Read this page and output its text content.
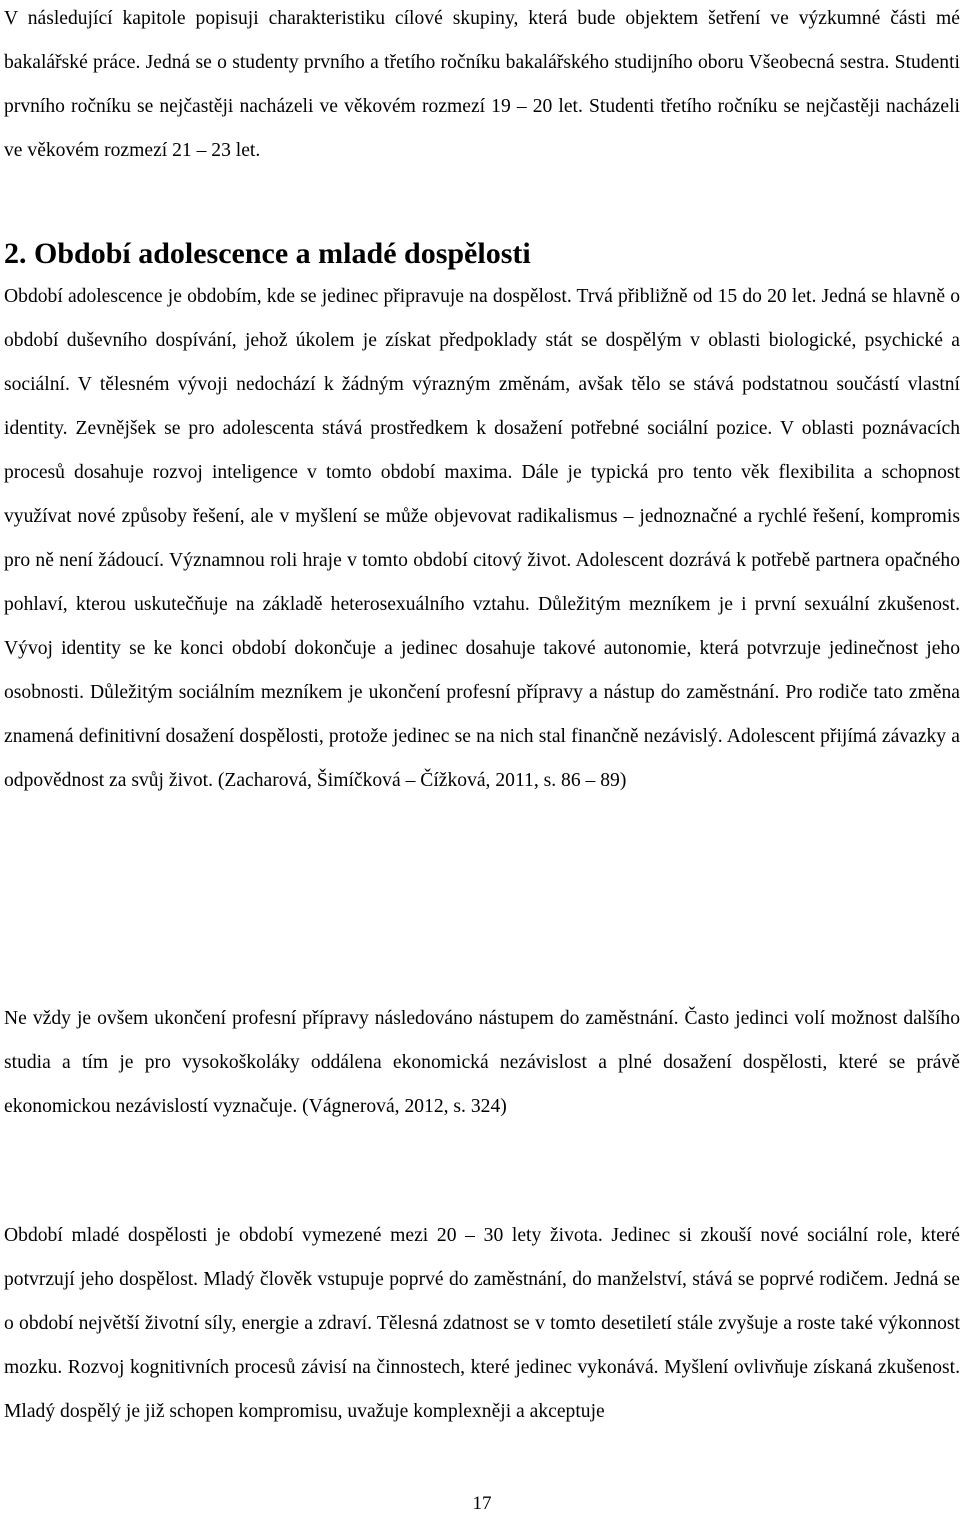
V následující kapitole popisuji charakteristiku cílové skupiny, která bude objektem šetření ve výzkumné části mé bakalářské práce. Jedná se o studenty prvního a třetího ročníku bakalářského studijního oboru Všeobecná sestra. Studenti prvního ročníku se nejčastěji nacházeli ve věkovém rozmezí 19 – 20 let. Studenti třetího ročníku se nejčastěji nacházeli ve věkovém rozmezí 21 – 23 let.

2. Období adolescence a mladé dospělosti

Období adolescence je obdobím, kde se jedinec připravuje na dospělost. Trvá přibližně od 15 do 20 let. Jedná se hlavně o období duševního dospívání, jehož úkolem je získat předpoklady stát se dospělým v oblasti biologické, psychické a sociální. V tělesném vývoji nedochází k žádným výrazným změnám, avšak tělo se stává podstatnou součástí vlastní identity. Zevnějšek se pro adolescenta stává prostředkem k dosažení potřebné sociální pozice. V oblasti poznávacích procesů dosahuje rozvoj inteligence v tomto období maxima. Dále je typická pro tento věk flexibilita a schopnost využívat nové způsoby řešení, ale v myšlení se může objevovat radikalismus – jednoznačné a rychlé řešení, kompromis pro ně není žádoucí. Významnou roli hraje v tomto období citový život. Adolescent dozrává k potřebě partnera opačného pohlaví, kterou uskutečňuje na základě heterosexuálního vztahu. Důležitým mezníkem je i první sexuální zkušenost. Vývoj identity se ke konci období dokončuje a jedinec dosahuje takové autonomie, která potvrzuje jedinečnost jeho osobnosti. Důležitým sociálním mezníkem je ukončení profesní přípravy a nástup do zaměstnání. Pro rodiče tato změna znamená definitivní dosažení dospělosti, protože jedinec se na nich stal finančně nezávislý. Adolescent přijímá závazky a odpovědnost za svůj život. (Zacharová, Šimíčková – Čížková, 2011, s. 86 – 89)

Ne vždy je ovšem ukončení profesní přípravy následováno nástupem do zaměstnání. Často jedinci volí možnost dalšího studia a tím je pro vysokoškoláky oddálena ekonomická nezávislost a plné dosažení dospělosti, které se právě ekonomickou nezávislostí vyznačuje. (Vágnerová, 2012, s. 324)

Období mladé dospělosti je období vymezené mezi 20 – 30 lety života. Jedinec si zkouší nové sociální role, které potvrzují jeho dospělost. Mladý člověk vstupuje poprvé do zaměstnání, do manželství, stává se poprvé rodičem. Jedná se o období největší životní síly, energie a zdraví. Tělesná zdatnost se v tomto desetiletí stále zvyšuje a roste také výkonnost mozku. Rozvoj kognitivních procesů závisí na činnostech, které jedinec vykonává. Myšlení ovlivňuje získaná zkušenost. Mladý dospělý je již schopen kompromisu, uvažuje komplexněji a akceptuje

17
